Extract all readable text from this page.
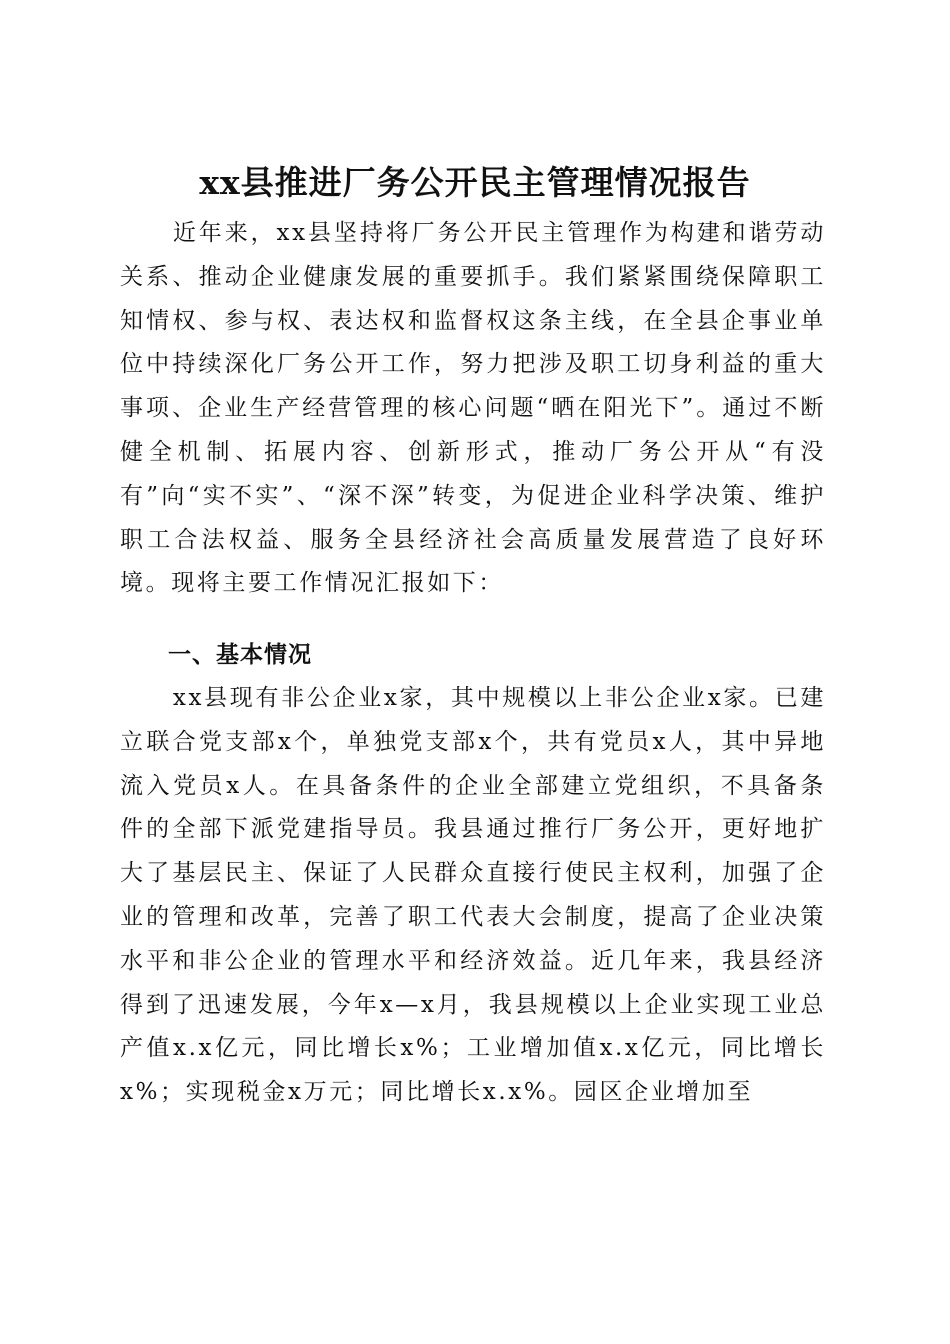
xx县推进厂务公开民主管理情况报告

近年来，xx县坚持将厂务公开民主管理作为构建和谐劳动关系、推动企业健康发展的重要抓手。我们紧紧围绕保障职工知情权、参与权、表达权和监督权这条主线，在全县企事业单位中持续深化厂务公开工作，努力把涉及职工切身利益的重大事项、企业生产经营管理的核心问题“晒在阳光下”。通过不断健全机制、拓展内容、创新形式，推动厂务公开从“有没有”向“实不实”、“深不深”转变，为促进企业科学决策、维护职工合法权益、服务全县经济社会高质量发展营造了良好环境。现将主要工作情况汇报如下：

一、基本情况

xx县现有非公企业x家，其中规模以上非公企业x家。已建立联合党支部x个，单独党支部x个，共有党员x人，其中异地流入党员x人。在具备条件的企业全部建立党组织，不具备条件的全部下派党建指导员。我县通过推行厂务公开，更好地扩大了基层民主、保证了人民群众直接行使民主权利，加强了企业的管理和改革，完善了职工代表大会制度，提高了企业决策水平和非公企业的管理水平和经济效益。近几年来，我县经济得到了迅速发展，今年x—x月，我县规模以上企业实现工业总产值x.x亿元，同比增长x%；工业增加值x.x亿元，同比增长x%；实现税金x万元；同比增长x.x%。园区企业增加至
